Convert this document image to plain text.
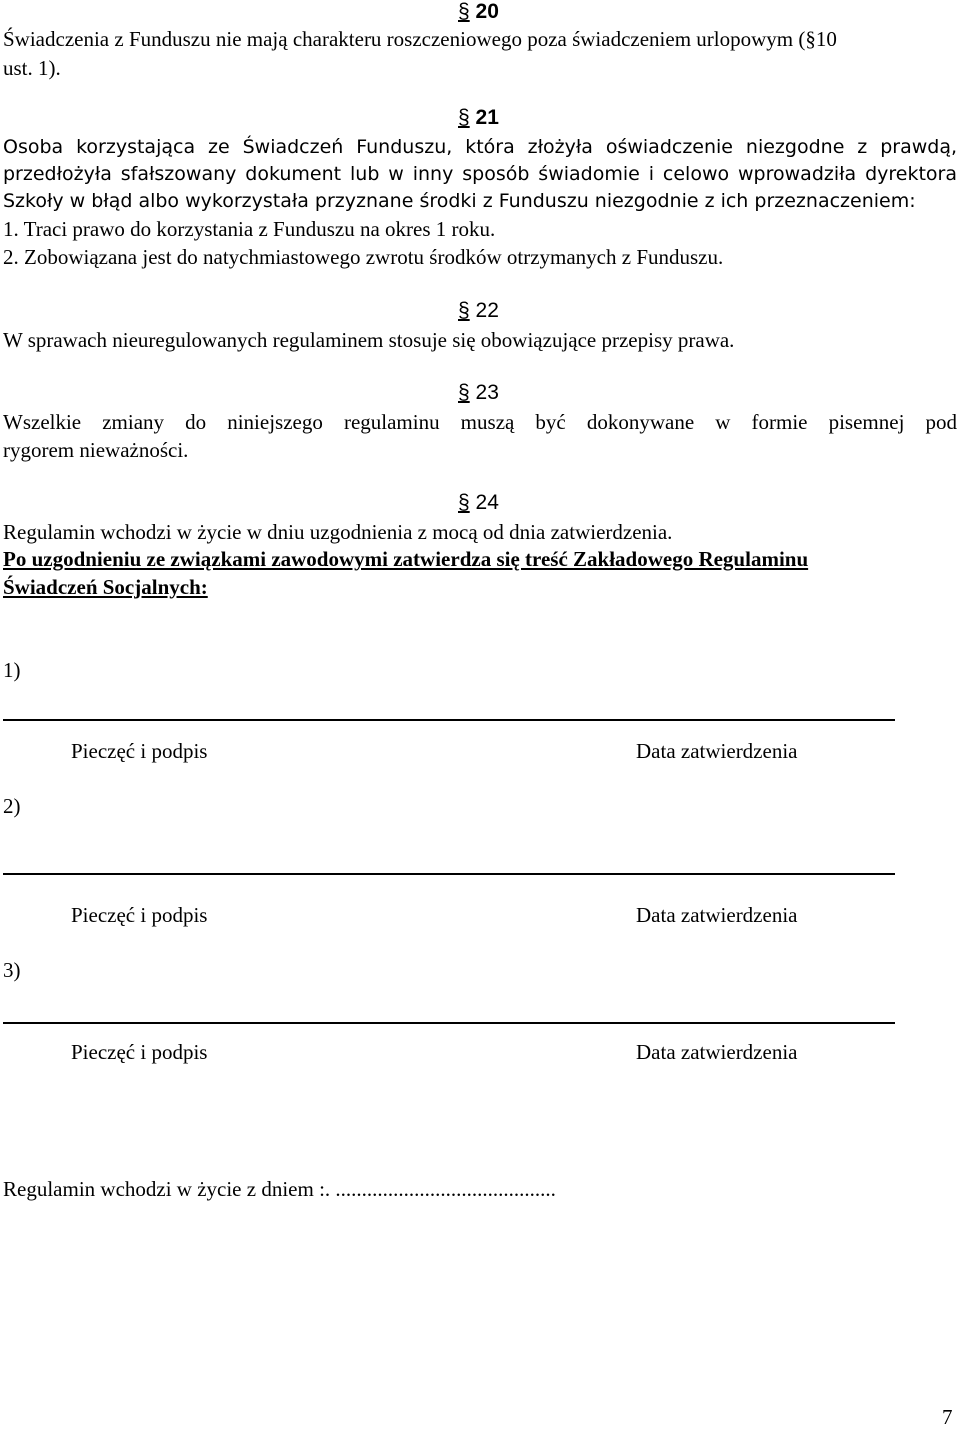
§ 20
Świadczenia z Funduszu nie mają charakteru roszczeniowego poza świadczeniem urlopowym (§10
ust. 1).
§ 21
Osoba korzystająca ze Świadczeń Funduszu, która złożyła oświadczenie niezgodne z prawdą,
przedłożyła sfałszowany dokument lub w inny sposób świadomie i celowo wprowadziła dyrektora
Szkoły w błąd albo wykorzystała przyznane środki z Funduszu niezgodnie z ich przeznaczeniem:
1. Traci prawo do korzystania z Funduszu na okres 1 roku.
2. Zobowiązana jest do natychmiastowego zwrotu środków otrzymanych z Funduszu.
§ 22
W sprawach nieuregulowanych regulaminem stosuje się obowiązujące przepisy prawa.
§ 23
Wszelkie zmiany do niniejszego regulaminu muszą być dokonywane w formie pisemnej pod
rygorem nieważności.
§ 24
Regulamin wchodzi w życie w dniu uzgodnienia z mocą od dnia zatwierdzenia.
Po uzgodnieniu ze związkami zawodowymi zatwierdza się treść Zakładowego Regulaminu
Świadczeń Socjalnych:
1)
Pieczęć i podpis	Data zatwierdzenia
2)
Pieczęć i podpis	Data zatwierdzenia
3)
Pieczęć i podpis	Data zatwierdzenia
Regulamin wchodzi w życie z dniem :. ..........................................
7
